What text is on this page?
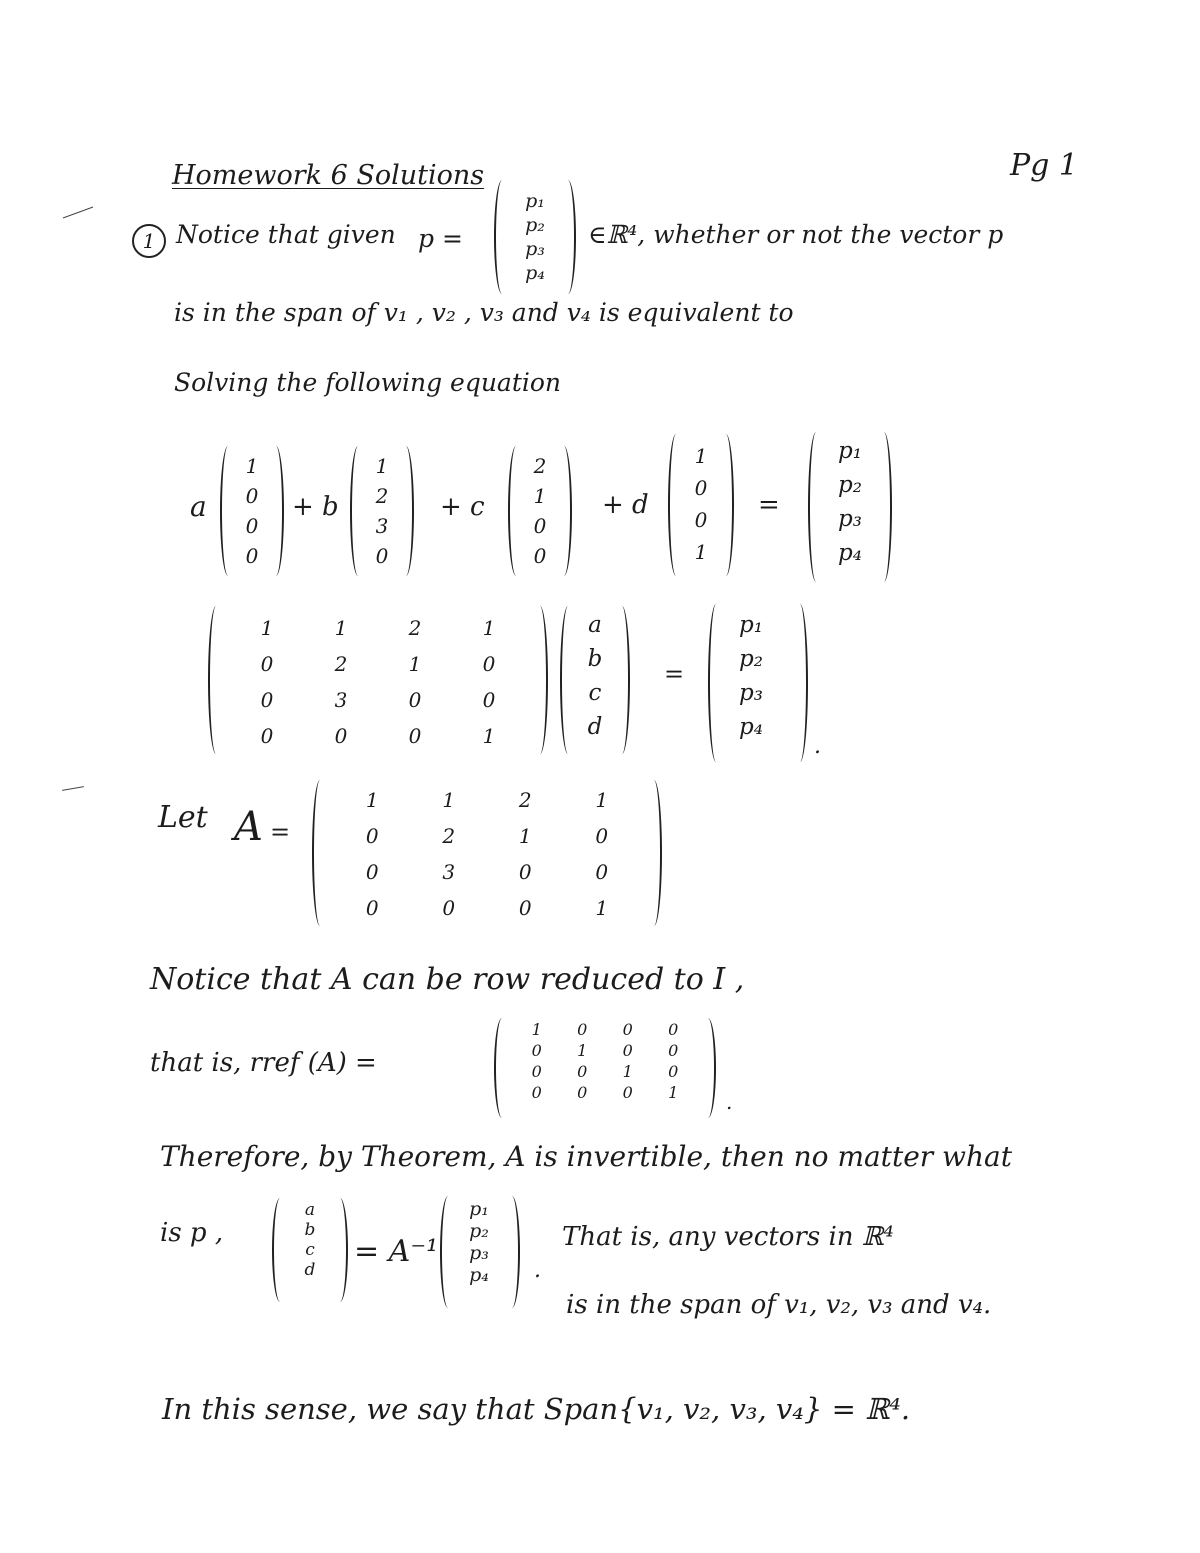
Homework 6 Solutions	Pg 1
1 Notice that given p =
p₁
p₂
p₃
p₄
∈ℝ⁴, whether or not the vector p
is in the span of v₁ , v₂ , v₃ and v₄ is equivalent to
Solving the following equation
a
1
0
0
0
+ b
1
2
3
0
+ c
2
1
0
0
+ d
1
0
0
1
=
p₁
p₂
p₃
p₄
1	1	2	1
0	2	1	0
0	3	0	0
0	0	0	1
a
b
c
d
=
p₁
p₂
p₃
p₄
.
Let A =
1	1	2	1
0	2	1	0
0	3	0	0
0	0	0	1
Notice that A can be row reduced to I ,
that is, rref (A) =
1	0	0	0
0	1	0	0
0	0	1	0
0	0	0	1	.
Therefore, by Theorem, A is invertible, then no matter what
is p ,
a
b
c
d
= A⁻¹
p₁
p₂
p₃
p₄	.
That is, any vectors in ℝ⁴
is in the span of v₁, v₂, v₃ and v₄.
In this sense, we say that Span{v₁, v₂, v₃, v₄} = ℝ⁴.
